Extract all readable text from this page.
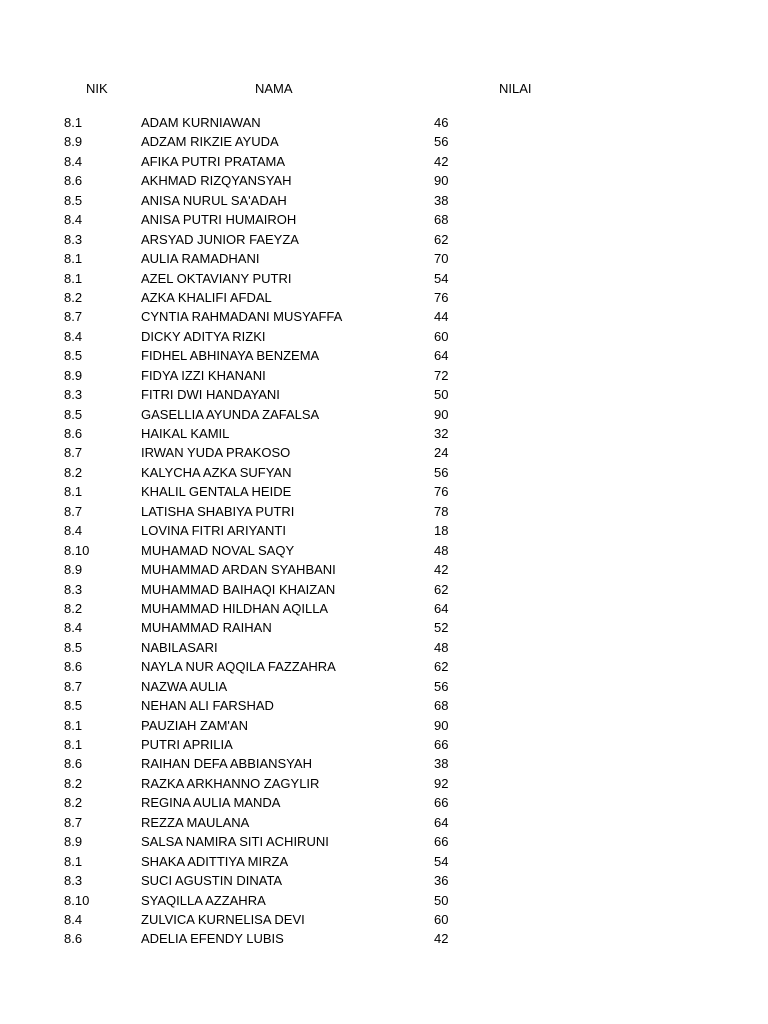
NIK	NAMA	NILAI
8.1	ADAM KURNIAWAN	46
8.9	ADZAM RIKZIE AYUDA	56
8.4	AFIKA PUTRI PRATAMA	42
8.6	AKHMAD RIZQYANSYAH	90
8.5	ANISA NURUL SA'ADAH	38
8.4	ANISA PUTRI HUMAIROH	68
8.3	ARSYAD JUNIOR FAEYZA	62
8.1	AULIA RAMADHANI	70
8.1	AZEL OKTAVIANY PUTRI	54
8.2	AZKA KHALIFI AFDAL	76
8.7	CYNTIA RAHMADANI MUSYAFFA	44
8.4	DICKY ADITYA RIZKI	60
8.5	FIDHEL ABHINAYA BENZEMA	64
8.9	FIDYA IZZI KHANANI	72
8.3	FITRI DWI HANDAYANI	50
8.5	GASELLIA AYUNDA ZAFALSA	90
8.6	HAIKAL KAMIL	32
8.7	IRWAN YUDA PRAKOSO	24
8.2	KALYCHA AZKA SUFYAN	56
8.1	KHALIL GENTALA HEIDE	76
8.7	LATISHA SHABIYA PUTRI	78
8.4	LOVINA FITRI ARIYANTI	18
8.10	MUHAMAD NOVAL SAQY	48
8.9	MUHAMMAD ARDAN SYAHBANI	42
8.3	MUHAMMAD BAIHAQI KHAIZAN	62
8.2	MUHAMMAD HILDHAN AQILLA	64
8.4	MUHAMMAD RAIHAN	52
8.5	NABILASARI	48
8.6	NAYLA NUR AQQILA FAZZAHRA	62
8.7	NAZWA AULIA	56
8.5	NEHAN ALI FARSHAD	68
8.1	PAUZIAH ZAM'AN	90
8.1	PUTRI APRILIA	66
8.6	RAIHAN DEFA ABBIANSYAH	38
8.2	RAZKA ARKHANNO ZAGYLIR	92
8.2	REGINA AULIA MANDA	66
8.7	REZZA MAULANA	64
8.9	SALSA NAMIRA SITI ACHIRUNI	66
8.1	SHAKA ADITTIYA MIRZA	54
8.3	SUCI AGUSTIN DINATA	36
8.10	SYAQILLA AZZAHRA	50
8.4	ZULVICA KURNELISA DEVI	60
8.6	ADELIA EFENDY LUBIS	42
